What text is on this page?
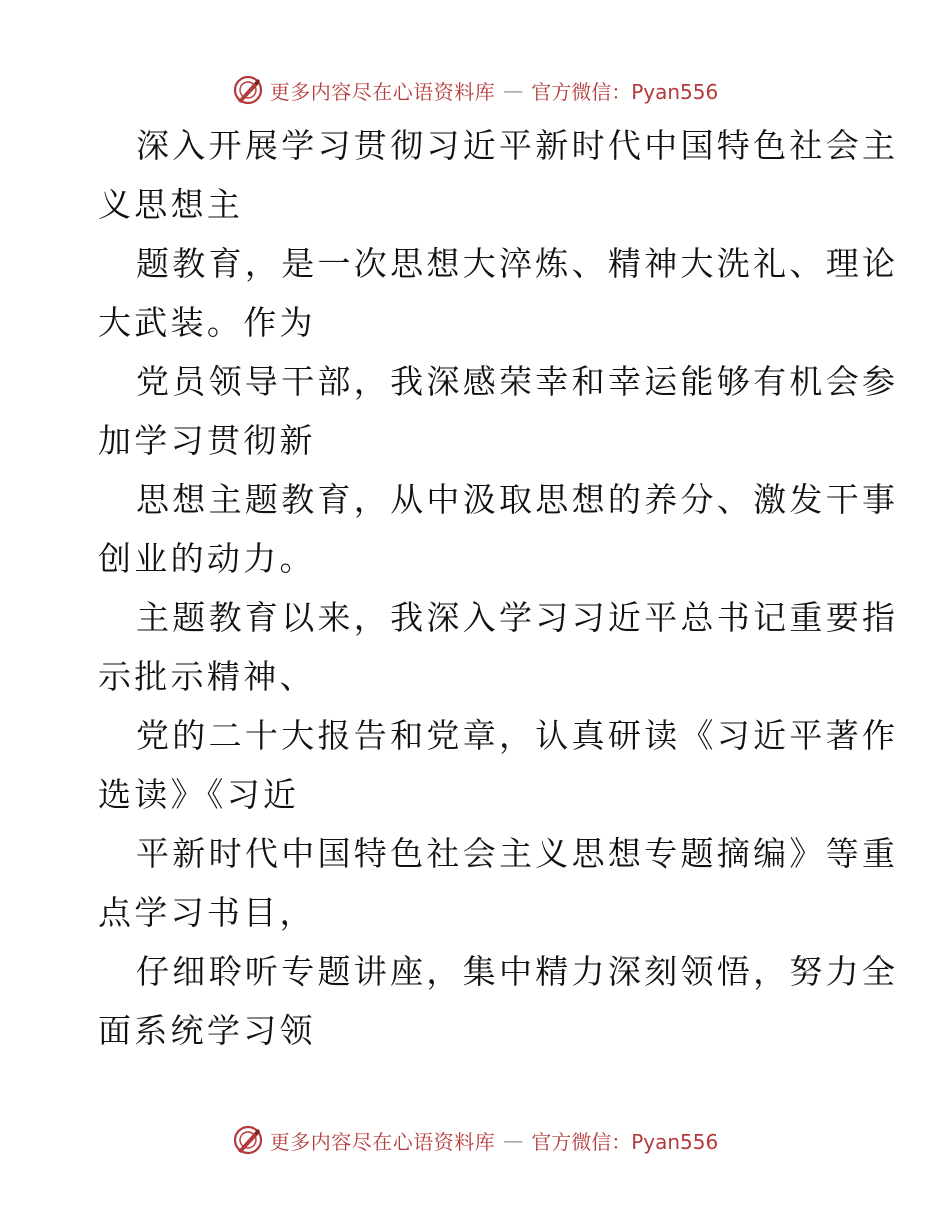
更多内容尽在心语资料库 — 官方微信：Pyan556
深入开展学习贯彻习近平新时代中国特色社会主
义思想主
题教育，是一次思想大淬炼、精神大洗礼、理论
大武装。作为
党员领导干部，我深感荣幸和幸运能够有机会参
加学习贯彻新
思想主题教育，从中汲取思想的养分、激发干事
创业的动力。
主题教育以来，我深入学习习近平总书记重要指
示批示精神、
党的二十大报告和党章，认真研读《习近平著作
选读》《习近
平新时代中国特色社会主义思想专题摘编》等重
点学习书目，
仔细聆听专题讲座，集中精力深刻领悟，努力全
面系统学习领
更多内容尽在心语资料库 — 官方微信：Pyan556
